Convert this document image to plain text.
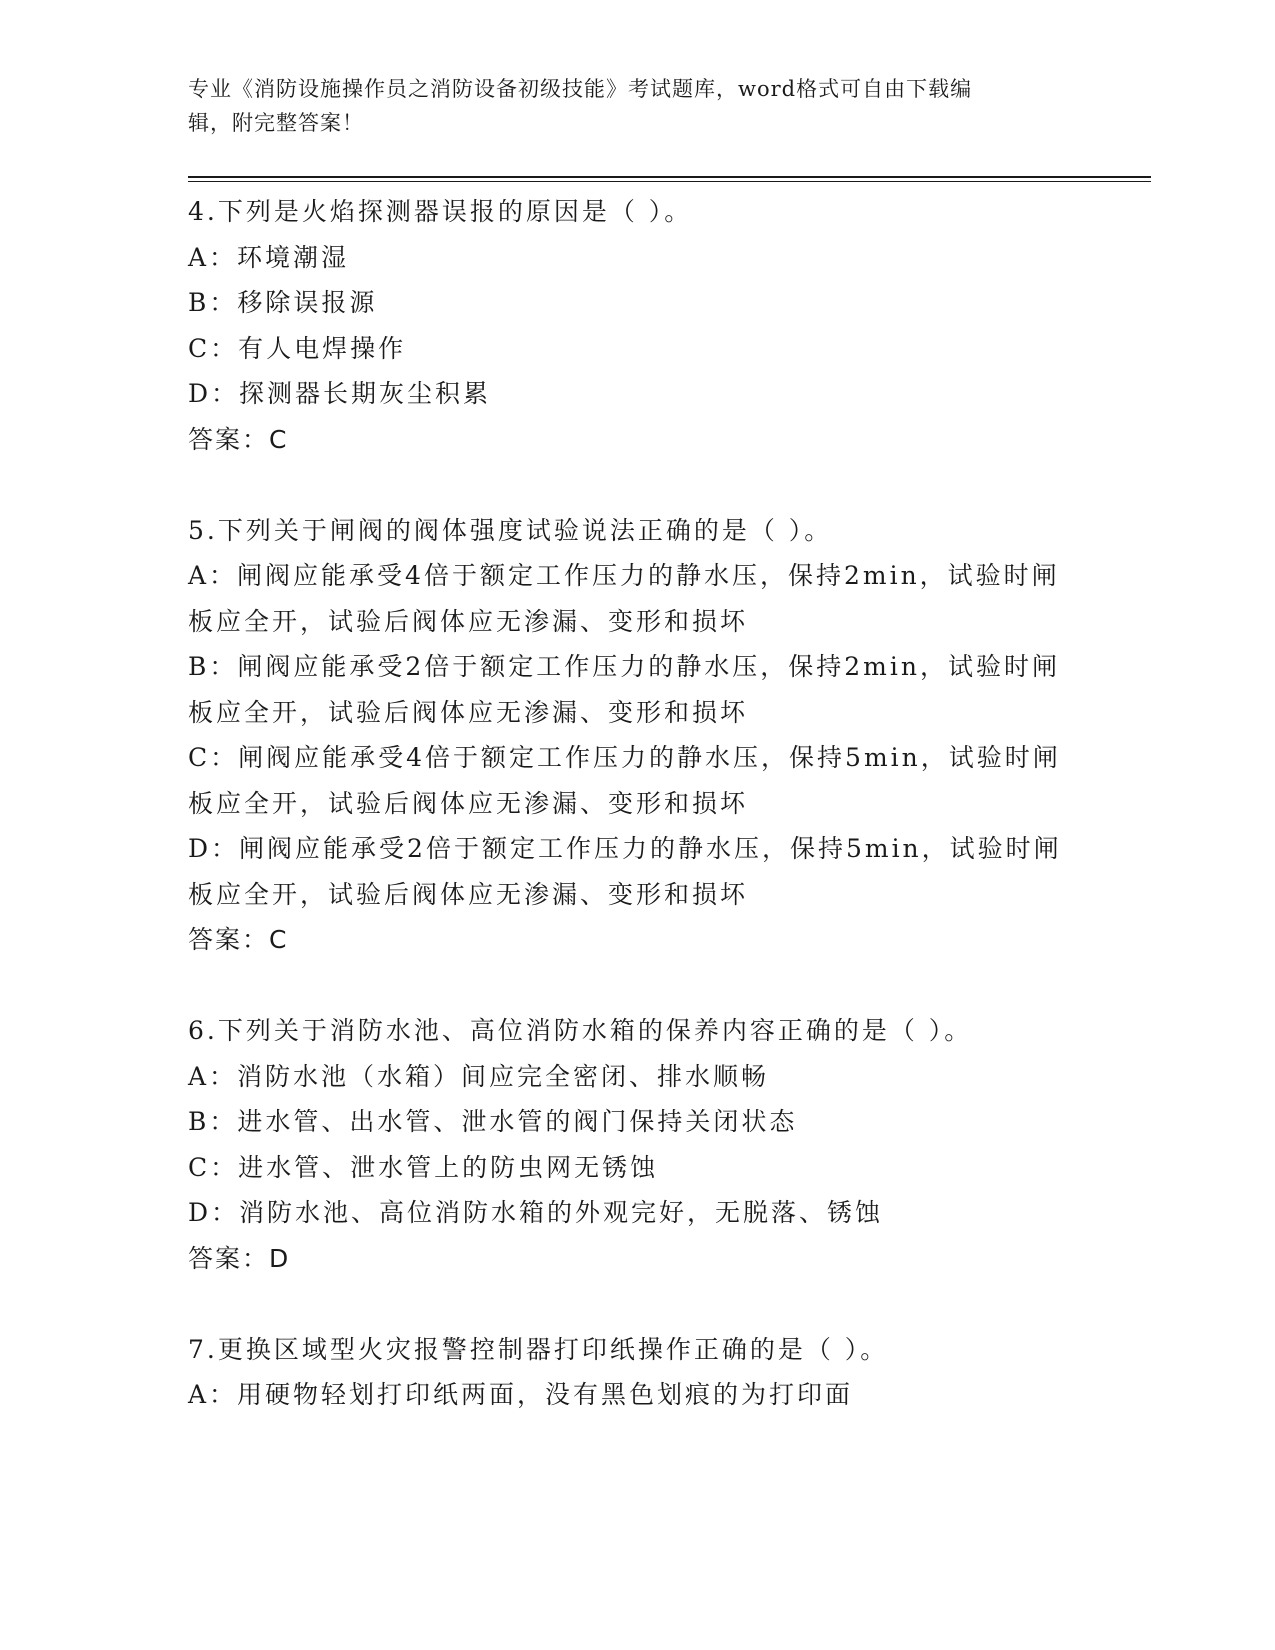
专业《消防设施操作员之消防设备初级技能》考试题库，word格式可自由下载编
辑，附完整答案！
4.下列是火焰探测器误报的原因是（ ）。
A：环境潮湿
B：移除误报源
C：有人电焊操作
D：探测器长期灰尘积累
答案：C
5.下列关于闸阀的阀体强度试验说法正确的是（ ）。
A：闸阀应能承受4倍于额定工作压力的静水压，保持2min，试验时闸
板应全开，试验后阀体应无渗漏、变形和损坏
B：闸阀应能承受2倍于额定工作压力的静水压，保持2min，试验时闸
板应全开，试验后阀体应无渗漏、变形和损坏
C：闸阀应能承受4倍于额定工作压力的静水压，保持5min，试验时闸
板应全开，试验后阀体应无渗漏、变形和损坏
D：闸阀应能承受2倍于额定工作压力的静水压，保持5min，试验时闸
板应全开，试验后阀体应无渗漏、变形和损坏
答案：C
6.下列关于消防水池、高位消防水箱的保养内容正确的是（ ）。
A：消防水池（水箱）间应完全密闭、排水顺畅
B：进水管、出水管、泄水管的阀门保持关闭状态
C：进水管、泄水管上的防虫网无锈蚀
D：消防水池、高位消防水箱的外观完好，无脱落、锈蚀
答案：D
7.更换区域型火灾报警控制器打印纸操作正确的是（ ）。
A：用硬物轻划打印纸两面，没有黑色划痕的为打印面
